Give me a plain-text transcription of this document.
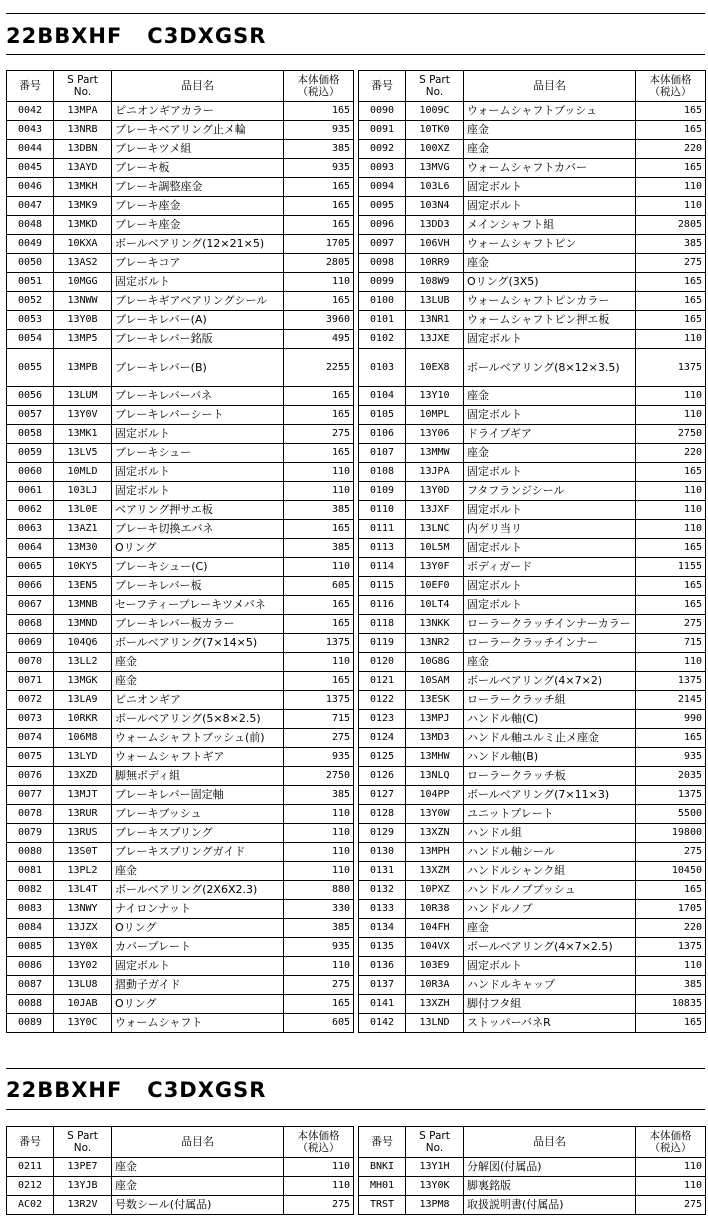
22BBXHF   C3DXGSR
番号	S Part
No.	品目名	本体価格
（税込）
0042	13MPA	ピニオンギアカラー	165
0043	13NRB	ブレーキベアリング止メ輪	935
0044	13DBN	ブレーキツメ組	385
0045	13AYD	ブレーキ板	935
0046	13MKH	ブレーキ調整座金	165
0047	13MK9	ブレーキ座金	165
0048	13MKD	ブレーキ座金	165
0049	10KXA	ボールベアリング(12×21×5)	1705
0050	13AS2	ブレーキコア	2805
0051	10MGG	固定ボルト	110
0052	13NWW	ブレーキギアベアリングシール	165
0053	13Y0B	ブレーキレバー(A)	3960
0054	13MP5	ブレーキレバー銘版	495
0055	13MPB	ブレーキレバー(B)	2255
0056	13LUM	ブレーキレバーバネ	165
0057	13Y0V	ブレーキレバーシート	165
0058	13MK1	固定ボルト	275
0059	13LV5	ブレーキシュー	165
0060	10MLD	固定ボルト	110
0061	103LJ	固定ボルト	110
0062	13L0E	ベアリング押サエ板	385
0063	13AZ1	ブレーキ切換エバネ	165
0064	13M30	Oリング	385
0065	10KY5	ブレーキシュー(C)	110
0066	13EN5	ブレーキレバー板	605
0067	13MNB	セーフティーブレーキツメバネ	165
0068	13MND	ブレーキレバー板カラー	165
0069	104Q6	ボールベアリング(7×14×5)	1375
0070	13LL2	座金	110
0071	13MGK	座金	165
0072	13LA9	ピニオンギア	1375
0073	10RKR	ボールベアリング(5×8×2.5)	715
0074	106M8	ウォームシャフトブッシュ(前)	275
0075	13LYD	ウォームシャフトギア	935
0076	13XZD	脚無ボディ組	2750
0077	13MJT	ブレーキレバー固定軸	385
0078	13RUR	ブレーキブッシュ	110
0079	13RUS	ブレーキスプリング	110
0080	13S0T	ブレーキスプリングガイド	110
0081	13PL2	座金	110
0082	13L4T	ボールベアリング(2X6X2.3)	880
0083	13NWY	ナイロンナット	330
0084	13JZX	Oリング	385
0085	13Y0X	カバープレート	935
0086	13Y02	固定ボルト	110
0087	13LU8	摺動子ガイド	275
0088	10JAB	Oリング	165
0089	13Y0C	ウォームシャフト	605
番号	S Part
No.	品目名	本体価格
（税込）
0090	1009C	ウォームシャフトブッシュ	165
0091	10TK0	座金	165
0092	100XZ	座金	220
0093	13MVG	ウォームシャフトカバー	165
0094	103L6	固定ボルト	110
0095	103N4	固定ボルト	110
0096	13DD3	メインシャフト組	2805
0097	106VH	ウォームシャフトピン	385
0098	10RR9	座金	275
0099	108W9	Oリング(3X5)	165
0100	13LUB	ウォームシャフトピンカラー	165
0101	13NR1	ウォームシャフトピン押エ板	165
0102	13JXE	固定ボルト	110
0103	10EX8	ボールベアリング(8×12×3.5)	1375
0104	13Y10	座金	110
0105	10MPL	固定ボルト	110
0106	13Y06	ドライブギア	2750
0107	13MMW	座金	220
0108	13JPA	固定ボルト	165
0109	13Y0D	フタフランジシール	110
0110	13JXF	固定ボルト	110
0111	13LNC	内ゲリ当リ	110
0113	10L5M	固定ボルト	165
0114	13Y0F	ボディガード	1155
0115	10EF0	固定ボルト	165
0116	10LT4	固定ボルト	165
0118	13NKK	ローラークラッチインナーカラー	275
0119	13NR2	ローラークラッチインナー	715
0120	10G8G	座金	110
0121	10SAM	ボールベアリング(4×7×2)	1375
0122	13ESK	ローラークラッチ組	2145
0123	13MPJ	ハンドル軸(C)	990
0124	13MD3	ハンドル軸ユルミ止メ座金	165
0125	13MHW	ハンドル軸(B)	935
0126	13NLQ	ローラークラッチ板	2035
0127	104PP	ボールベアリング(7×11×3)	1375
0128	13Y0W	ユニットプレート	5500
0129	13XZN	ハンドル組	19800
0130	13MPH	ハンドル軸シール	275
0131	13XZM	ハンドルシャンク組	10450
0132	10PXZ	ハンドルノブブッシュ	165
0133	10R38	ハンドルノブ	1705
0134	104FH	座金	220
0135	104VX	ボールベアリング(4×7×2.5)	1375
0136	103E9	固定ボルト	110
0137	10R3A	ハンドルキャップ	385
0141	13XZH	脚付フタ組	10835
0142	13LND	ストッパーバネR	165
22BBXHF   C3DXGSR
番号	S Part
No.	品目名	本体価格
（税込）
0211	13PE7	座金	110
0212	13YJB	座金	110
AC02	13R2V	号数シール(付属品)	275
番号	S Part
No.	品目名	本体価格
（税込）
BNKI	13Y1H	分解図(付属品)	110
MH01	13Y0K	脚裏銘版	110
TRST	13PM8	取扱説明書(付属品)	275
